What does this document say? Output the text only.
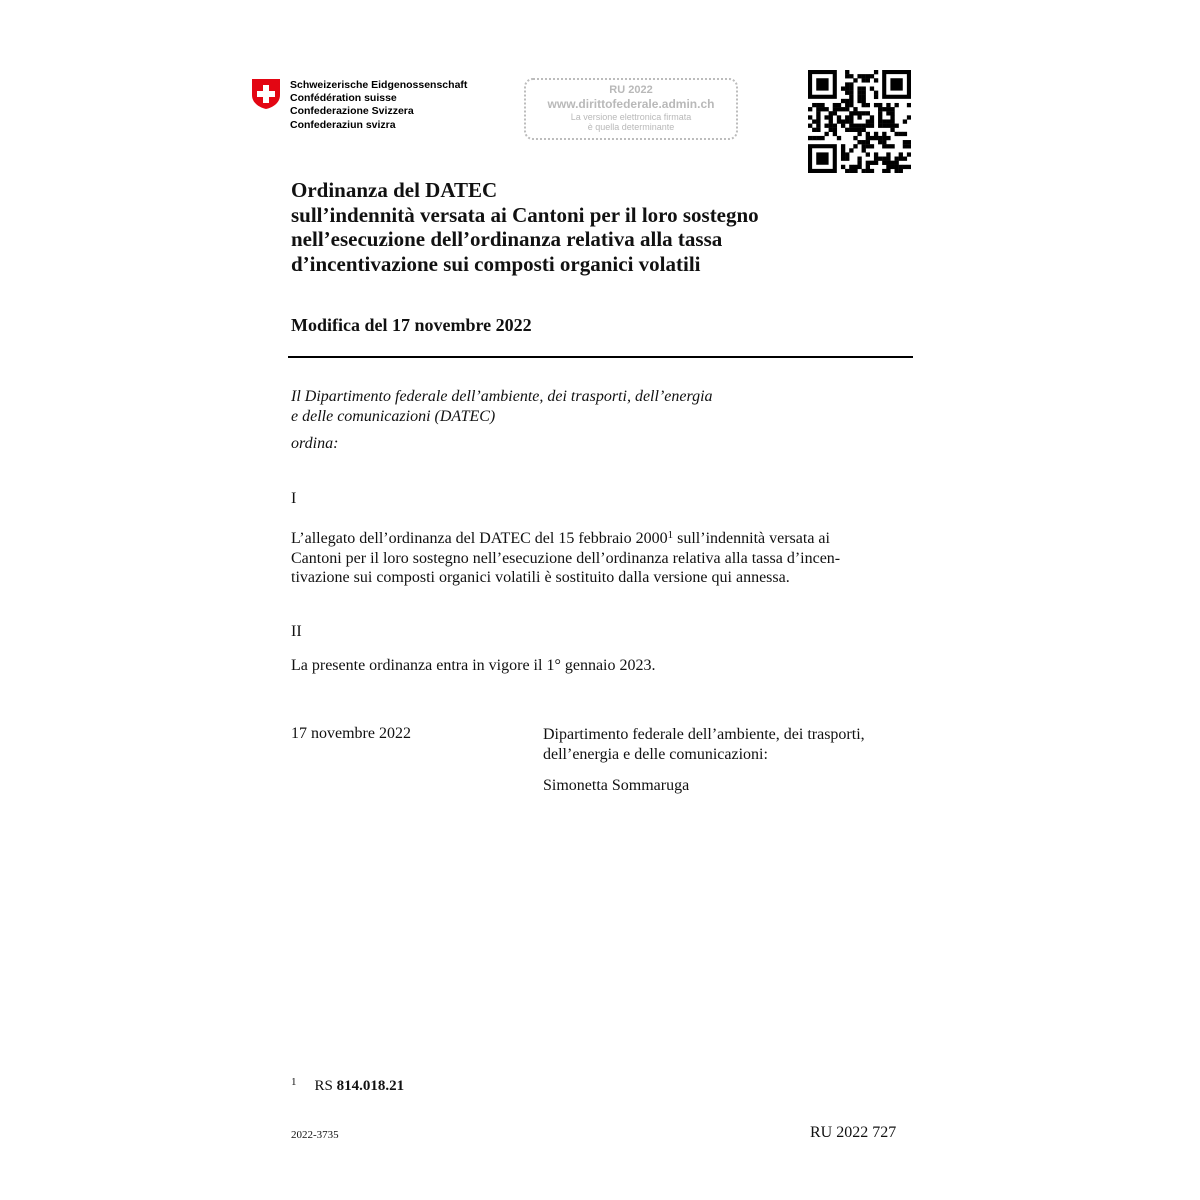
Schweizerische Eidgenossenschaft
Confédération suisse
Confederazione Svizzera
Confederaziun svizra
RU 2022
www.dirittofederale.admin.ch
La versione elettronica firmata
è quella determinante
Ordinanza del DATEC
sull’indennità versata ai Cantoni per il loro sostegno
nell’esecuzione dell’ordinanza relativa alla tassa
d’incentivazione sui composti organici volatili
Modifica del 17 novembre 2022
Il Dipartimento federale dell’ambiente, dei trasporti, dell’energia
e delle comunicazioni (DATEC)
ordina:
I
L’allegato dell’ordinanza del DATEC del 15 febbraio 2000$^1$ sull’indennità versata ai
Cantoni per il loro sostegno nell’esecuzione dell’ordinanza relativa alla tassa d’incen-
tivazione sui composti organici volatili è sostituito dalla versione qui annessa.
II
La presente ordinanza entra in vigore il 1° gennaio 2023.
17 novembre 2022	Dipartimento federale dell’ambiente, dei trasporti,
dell’energia e delle comunicazioni:
Simonetta Sommaruga
$^1$ RS 814.018.21
2022-3735	RU 2022 727
